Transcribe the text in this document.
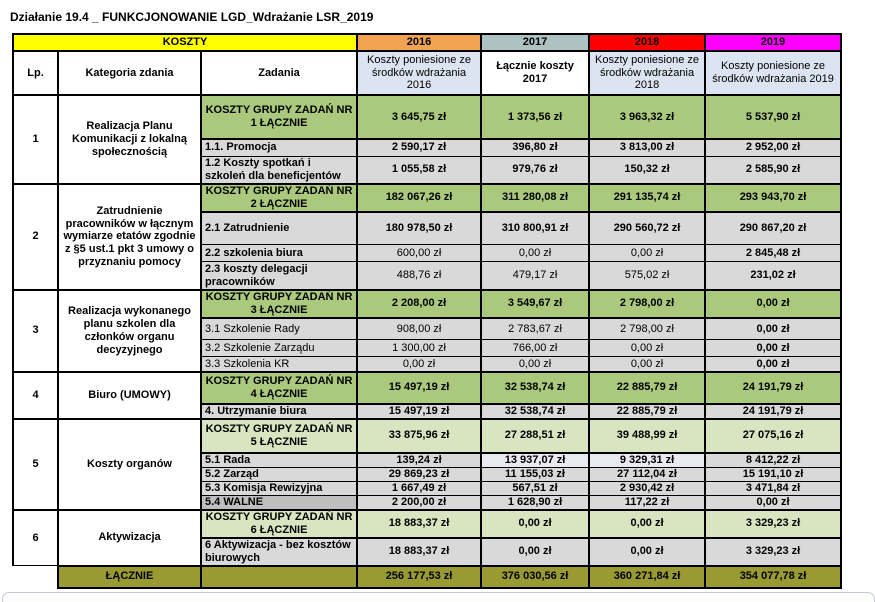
Działanie 19.4 _ FUNKCJONOWANIE LGD_Wdrażanie LSR_2019
KOSZTY			2016	2017	2018	2019
Lp.	Kategoria zdania	Zadania	Koszty poniesione ze środków wdrażania 2016	Łącznie koszty 2017	Koszty poniesione ze środków wdrażania 2018	Koszty poniesione ze środków wdrażania 2019
1	Realizacja Planu Komunikacji z lokalną społecznością	KOSZTY GRUPY ZADAŃ NR 1 ŁĄCZNIE	3 645,75 zł	1 373,56 zł	3 963,32 zł	5 537,90 zł
		1.1. Promocja	2 590,17 zł	396,80 zł	3 813,00 zł	2 952,00 zł
		1.2 Koszty spotkań i szkoleń dla beneficjentów	1 055,58 zł	979,76 zł	150,32 zł	2 585,90 zł
2	Zatrudnienie pracowników w łącznym wymiarze etatów zgodnie z §5 ust.1 pkt 3 umowy o przyznaniu pomocy	KOSZTY GRUPY ZADAŃ NR 2 ŁĄCZNIE	182 067,26 zł	311 280,08 zł	291 135,74 zł	293 943,70 zł
		2.1 Zatrudnienie	180 978,50 zł	310 800,91 zł	290 560,72 zł	290 867,20 zł
		2.2 szkolenia biura	600,00 zł	0,00 zł	0,00 zł	2 845,48 zł
		2.3 koszty delegacji pracowników	488,76 zł	479,17 zł	575,02 zł	231,02 zł
3	Realizacja wykonanego planu szkolen dla członków organu decyzyjnego	KOSZTY GRUPY ZADAŃ NR 3 ŁĄCZNIE	2 208,00 zł	3 549,67 zł	2 798,00 zł	0,00 zł
		3.1 Szkolenie Rady	908,00 zł	2 783,67 zł	2 798,00 zł	0,00 zł
		3.2 Szkolenie Zarządu	1 300,00 zł	766,00 zł	0,00 zł	0,00 zł
		3.3 Szkolenia KR	0,00 zł	0,00 zł	0,00 zł	0,00 zł
4	Biuro (UMOWY)	KOSZTY GRUPY ZADAŃ NR 4 ŁĄCZNIE	15 497,19 zł	32 538,74 zł	22 885,79 zł	24 191,79 zł
		4. Utrzymanie biura	15 497,19 zł	32 538,74 zł	22 885,79 zł	24 191,79 zł
5	Koszty organów	KOSZTY GRUPY ZADAŃ NR 5 ŁĄCZNIE	33 875,96 zł	27 288,51 zł	39 488,99 zł	27 075,16 zł
		5.1 Rada	139,24 zł	13 937,07 zł	9 329,31 zł	8 412,22 zł
		5.2 Zarząd	29 869,23 zł	11 155,03 zł	27 112,04 zł	15 191,10 zł
		5.3 Komisja Rewizyjna	1 667,49 zł	567,51 zł	2 930,42 zł	3 471,84 zł
		5.4 WALNE	2 200,00 zł	1 628,90 zł	117,22 zł	0,00 zł
6	Aktywizacja	KOSZTY GRUPY ZADAŃ NR 6 ŁĄCZNIE	18 883,37 zł	0,00 zł	0,00 zł	3 329,23 zł
		6 Aktywizacja - bez kosztów biurowych	18 883,37 zł	0,00 zł	0,00 zł	3 329,23 zł
	ŁĄCZNIE		256 177,53 zł	376 030,56 zł	360 271,84 zł	354 077,78 zł
